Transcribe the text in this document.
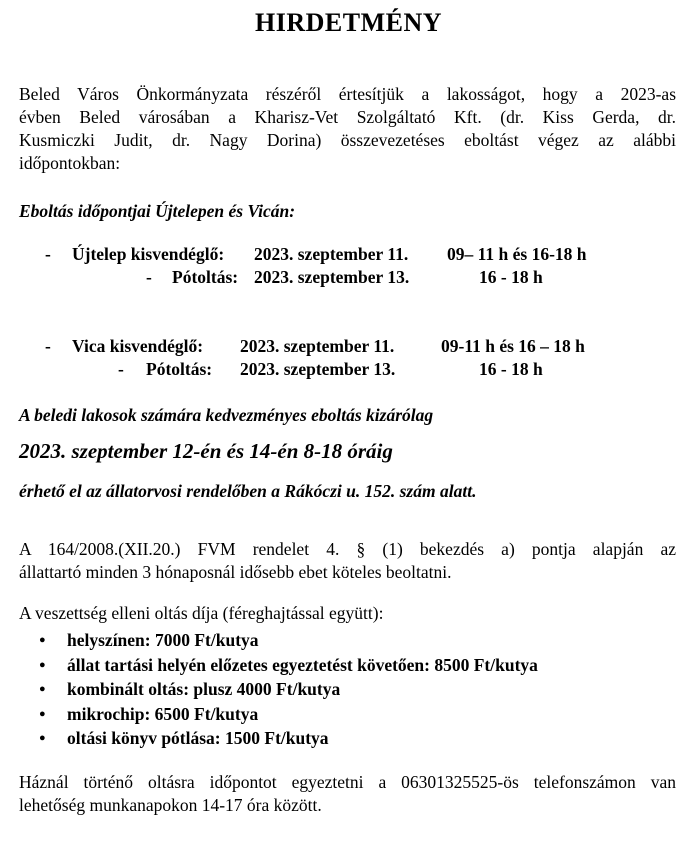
HIRDETMÉNY

Beled Város Önkormányzata részéről értesítjük a lakosságot, hogy a 2023-as
évben Beled városában a Kharisz-Vet Szolgáltató Kft. (dr. Kiss Gerda, dr.
Kusmiczki Judit, dr. Nagy Dorina) összevezetéses eboltást végez az alábbi
időpontokban:

Eboltás időpontjai Újtelepen és Vicán:
- Újtelep kisvendéglő: 2023. szeptember 11. 09– 11 h és 16-18 h
- Pótoltás: 2023. szeptember 13.	16 - 18 h
- Vica kisvendéglő: 2023. szeptember 11.	09-11 h és 16 – 18 h
- Pótoltás: 2023. szeptember 13.	16 - 18 h
A beledi lakosok számára kedvezményes eboltás kizárólag
2023. szeptember 12-én és 14-én 8-18 óráig
érhető el az állatorvosi rendelőben a Rákóczi u. 152. szám alatt.

A 164/2008.(XII.20.) FVM rendelet 4. § (1) bekezdés a) pontja alapján az
állattartó minden 3 hónaposnál idősebb ebet köteles beoltatni.

A veszettség elleni oltás díja (féreghajtással együtt):
● helyszínen: 7000 Ft/kutya
● állat tartási helyén előzetes egyeztetést követően: 8500 Ft/kutya
● kombinált oltás: plusz 4000 Ft/kutya
● mikrochip: 6500 Ft/kutya
● oltási könyv pótlása: 1500 Ft/kutya

Háznál történő oltásra időpontot egyeztetni a 06301325525-ös telefonszámon van
lehetőség munkanapokon 14-17 óra között.
